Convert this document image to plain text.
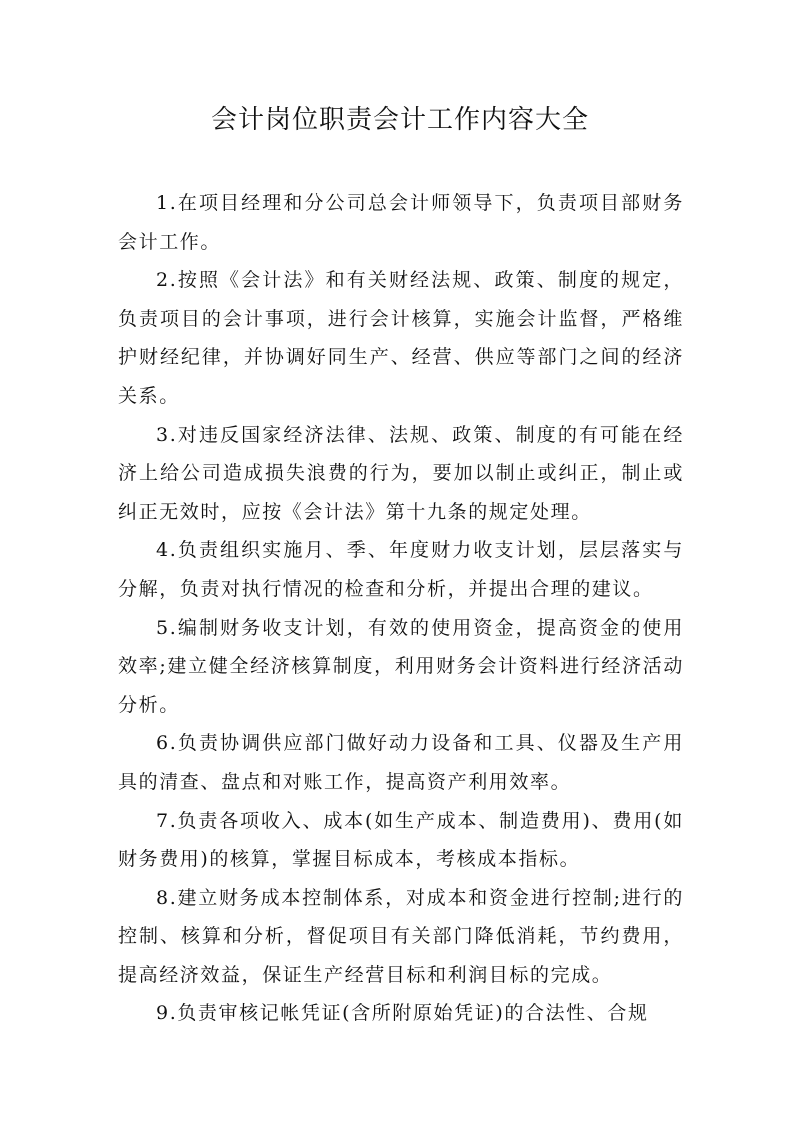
会计岗位职责会计工作内容大全

1.在项目经理和分公司总会计师领导下，负责项目部财务会计工作。

2.按照《会计法》和有关财经法规、政策、制度的规定，负责项目的会计事项，进行会计核算，实施会计监督，严格维护财经纪律，并协调好同生产、经营、供应等部门之间的经济关系。

3.对违反国家经济法律、法规、政策、制度的有可能在经济上给公司造成损失浪费的行为，要加以制止或纠正，制止或纠正无效时，应按《会计法》第十九条的规定处理。

4.负责组织实施月、季、年度财力收支计划，层层落实与分解，负责对执行情况的检查和分析，并提出合理的建议。

5.编制财务收支计划，有效的使用资金，提高资金的使用效率;建立健全经济核算制度，利用财务会计资料进行经济活动分析。

6.负责协调供应部门做好动力设备和工具、仪器及生产用具的清查、盘点和对账工作，提高资产利用效率。

7.负责各项收入、成本(如生产成本、制造费用)、费用(如财务费用)的核算，掌握目标成本，考核成本指标。

8.建立财务成本控制体系，对成本和资金进行控制;进行的控制、核算和分析，督促项目有关部门降低消耗，节约费用，提高经济效益，保证生产经营目标和利润目标的完成。

9.负责审核记帐凭证(含所附原始凭证)的合法性、合规
